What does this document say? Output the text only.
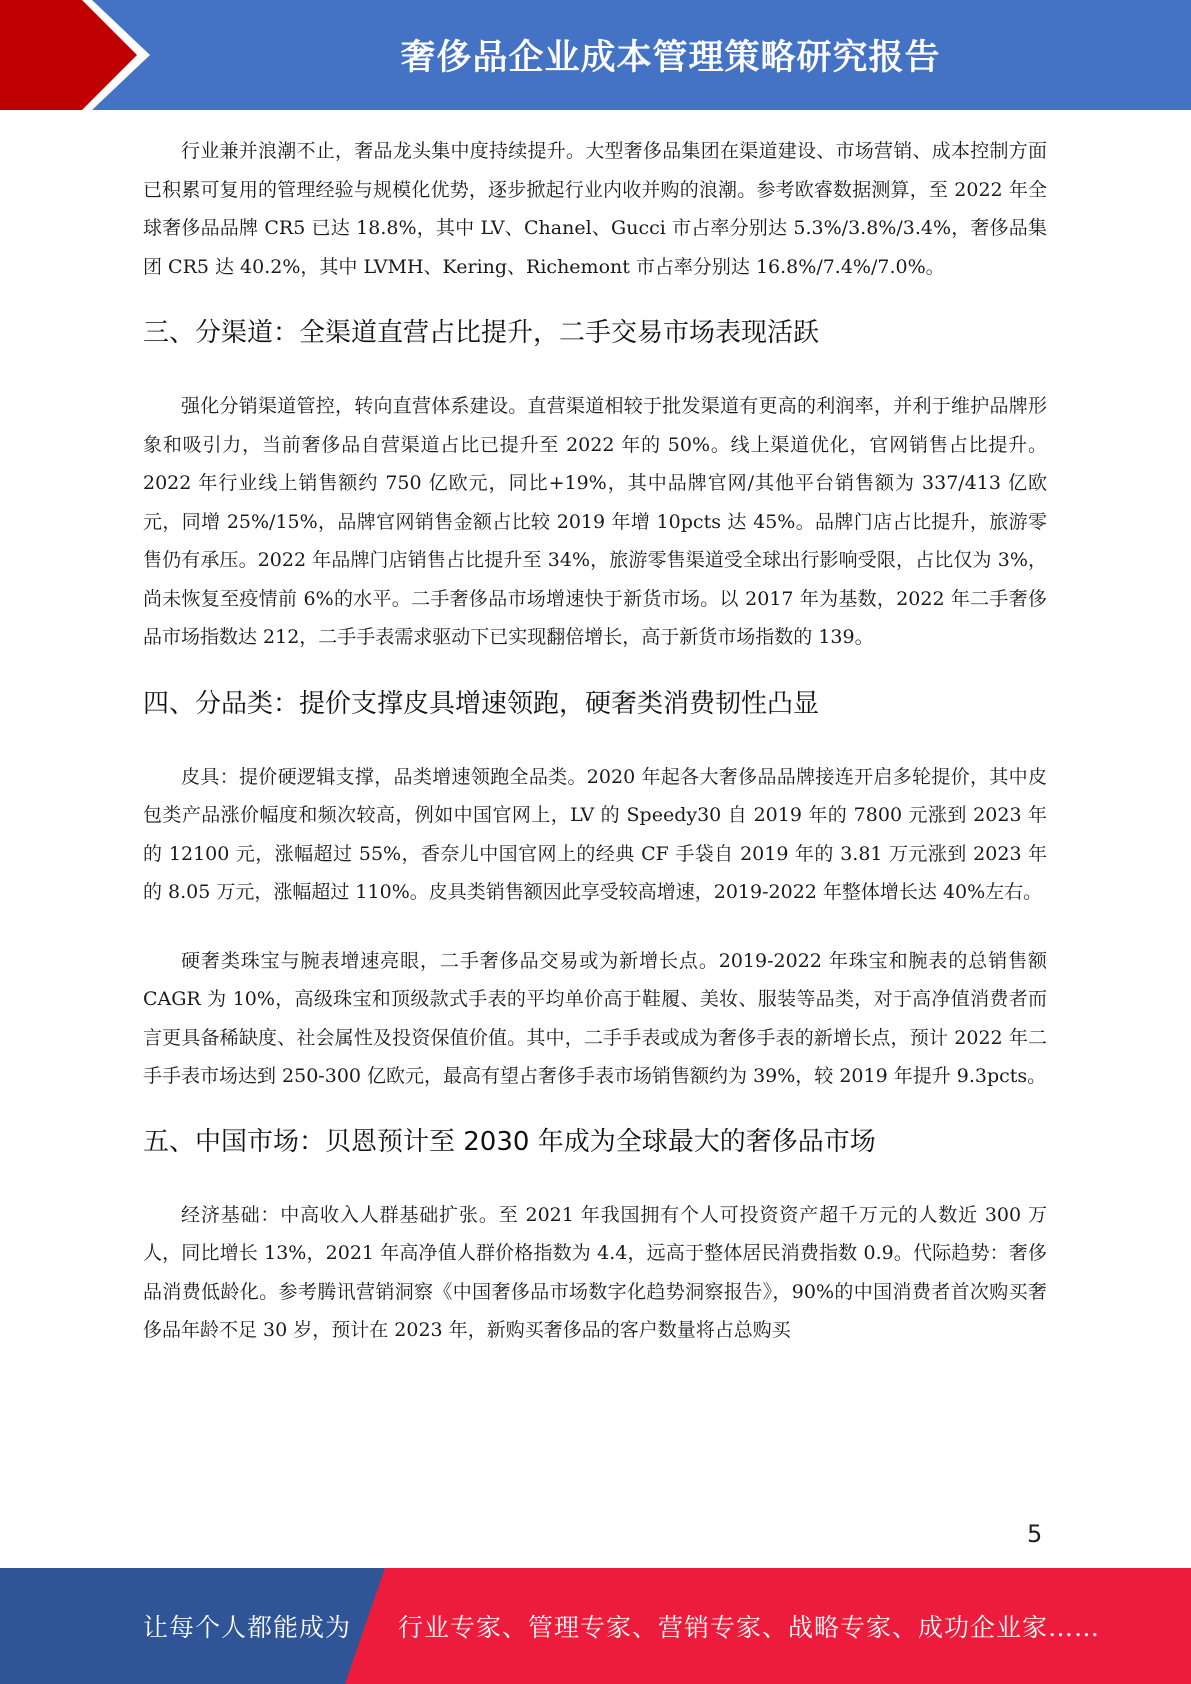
奢侈品企业成本管理策略研究报告

行业兼并浪潮不止，奢品龙头集中度持续提升。大型奢侈品集团在渠道建设、市场营销、成本控制方面已积累可复用的管理经验与规模化优势，逐步掀起行业内收并购的浪潮。参考欧睿数据测算，至 2022 年全球奢侈品品牌 CR5 已达 18.8%，其中 LV、Chanel、Gucci 市占率分别达 5.3%/3.8%/3.4%，奢侈品集团 CR5 达 40.2%，其中 LVMH、Kering、Richemont 市占率分别达 16.8%/7.4%/7.0%。

三、分渠道：全渠道直营占比提升，二手交易市场表现活跃

强化分销渠道管控，转向直营体系建设。直营渠道相较于批发渠道有更高的利润率，并利于维护品牌形象和吸引力，当前奢侈品自营渠道占比已提升至 2022 年的 50%。线上渠道优化，官网销售占比提升。2022 年行业线上销售额约 750 亿欧元，同比+19%，其中品牌官网/其他平台销售额为 337/413 亿欧元，同增 25%/15%，品牌官网销售金额占比较 2019 年增 10pcts 达 45%。品牌门店占比提升，旅游零售仍有承压。2022 年品牌门店销售占比提升至 34%，旅游零售渠道受全球出行影响受限，占比仅为 3%，尚未恢复至疫情前 6%的水平。二手奢侈品市场增速快于新货市场。以 2017 年为基数，2022 年二手奢侈品市场指数达 212，二手手表需求驱动下已实现翻倍增长，高于新货市场指数的 139。

四、分品类：提价支撑皮具增速领跑，硬奢类消费韧性凸显

皮具：提价硬逻辑支撑，品类增速领跑全品类。2020 年起各大奢侈品品牌接连开启多轮提价，其中皮包类产品涨价幅度和频次较高，例如中国官网上，LV 的 Speedy30 自 2019 年的 7800 元涨到 2023 年的 12100 元，涨幅超过 55%，香奈儿中国官网上的经典 CF 手袋自 2019 年的 3.81 万元涨到 2023 年的 8.05 万元，涨幅超过 110%。皮具类销售额因此享受较高增速，2019-2022 年整体增长达 40%左右。

硬奢类珠宝与腕表增速亮眼，二手奢侈品交易或为新增长点。2019-2022 年珠宝和腕表的总销售额 CAGR 为 10%，高级珠宝和顶级款式手表的平均单价高于鞋履、美妆、服装等品类，对于高净值消费者而言更具备稀缺度、社会属性及投资保值价值。其中，二手手表或成为奢侈手表的新增长点，预计 2022 年二手手表市场达到 250-300 亿欧元，最高有望占奢侈手表市场销售额约为 39%，较 2019 年提升 9.3pcts。

五、中国市场：贝恩预计至 2030 年成为全球最大的奢侈品市场

经济基础：中高收入人群基础扩张。至 2021 年我国拥有个人可投资资产超千万元的人数近 300 万人，同比增长 13%，2021 年高净值人群价格指数为 4.4，远高于整体居民消费指数 0.9。代际趋势：奢侈品消费低龄化。参考腾讯营销洞察《中国奢侈品市场数字化趋势洞察报告》，90%的中国消费者首次购买奢侈品年龄不足 30 岁，预计在 2023 年，新购买奢侈品的客户数量将占总购买

5
让每个人都能成为 行业专家、管理专家、营销专家、战略专家、成功企业家……
